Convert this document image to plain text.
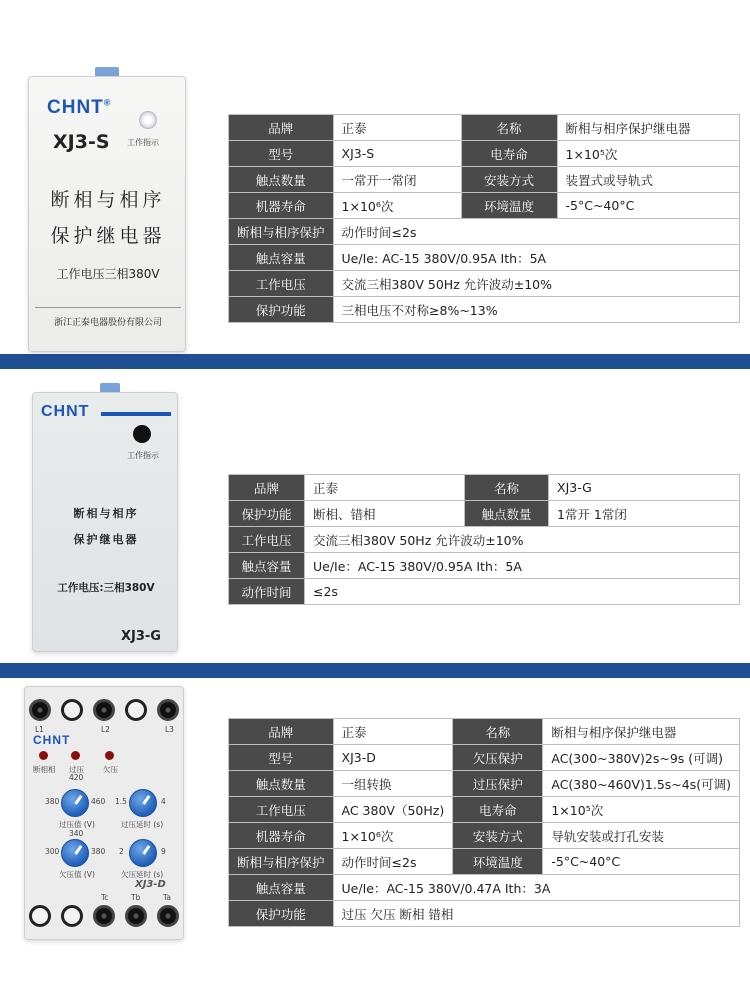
CHNT®
XJ3-S 工作指示
断相与相序
保护继电器
工作电压三相380V
浙江正泰电器股份有限公司
品牌	正泰	名称	断相与相序保护继电器
型号	XJ3-S	电寿命	1×10⁵次
触点数量	一常开一常闭	安装方式	装置式或导轨式
机器寿命	1×10⁶次	环境温度	-5°C~40°C
断相与相序保护	动作时间≤2s		
触点容量	Ue/Ie: AC-15 380V/0.95A Ith：5A		
工作电压	交流三相380V 50Hz 允许波动±10%		
保护功能	三相电压不对称≥8%~13%		
CHNT
工作指示
断相与相序
保护继电器
工作电压:三相380V
XJ3-G
品牌	正泰	名称	XJ3-G
保护功能	断相、错相	触点数量	1常开 1常闭
工作电压	交流三相380V 50Hz 允许波动±10%		
触点容量	Ue/Ie：AC-15 380V/0.95A Ith：5A		
动作时间	≤2s		
L1	L2	L3
CHNT
断相相 过压	欠压
420
380	460
过压值 (V)
1.5	4
过压延时 (s)
340
300	380
欠压值 (V)
2	9
欠压延时 (s)
XJ3-D
Tc	Tb	Ta
品牌	正泰	名称	断相与相序保护继电器
型号	XJ3-D	欠压保护	AC(300~380V)2s~9s (可调)
触点数量	一组转换	过压保护	AC(380~460V)1.5s~4s(可调)
工作电压	AC 380V（50Hz)	电寿命	1×10⁵次
机器寿命	1×10⁶次	安装方式	导轨安装或打孔安装
断相与相序保护	动作时间≤2s	环境温度	-5°C~40°C
触点容量	Ue/Ie：AC-15 380V/0.47A Ith：3A		
保护功能	过压 欠压 断相 错相		
